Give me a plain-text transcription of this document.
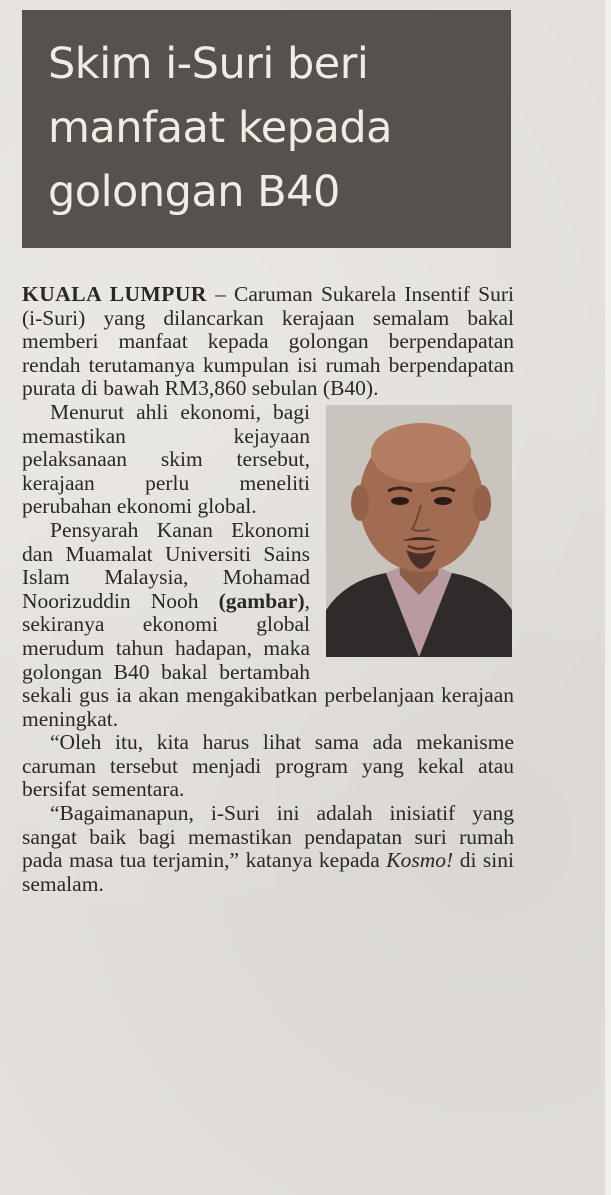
Skim i-Suri beri manfaat kepada golongan B40

KUALA LUMPUR – Caruman Sukarela Insentif Suri (i-Suri) yang dilancarkan kerajaan semalam bakal memberi manfaat kepada golongan berpendapatan rendah terutamanya kumpulan isi rumah berpendapatan purata di bawah RM3,860 sebulan (B40).

Menurut ahli ekonomi, bagi memastikan kejayaan pelaksanaan skim tersebut, kerajaan perlu meneliti perubahan ekonomi global.

Pensyarah Kanan Ekonomi dan Muamalat Universiti Sains Islam Malaysia, Mohamad Noorizuddin Nooh (gambar), sekiranya ekonomi global merudum tahun hadapan, maka golongan B40 bakal bertambah sekali gus ia akan mengakibatkan perbelanjaan kerajaan meningkat.

“Oleh itu, kita harus lihat sama ada mekanisme caruman tersebut menjadi program yang kekal atau bersifat sementara.

“Bagaimanapun, i-Suri ini adalah inisiatif yang sangat baik bagi memastikan pendapatan suri rumah pada masa tua terjamin,” katanya kepada Kosmo! di sini semalam.
